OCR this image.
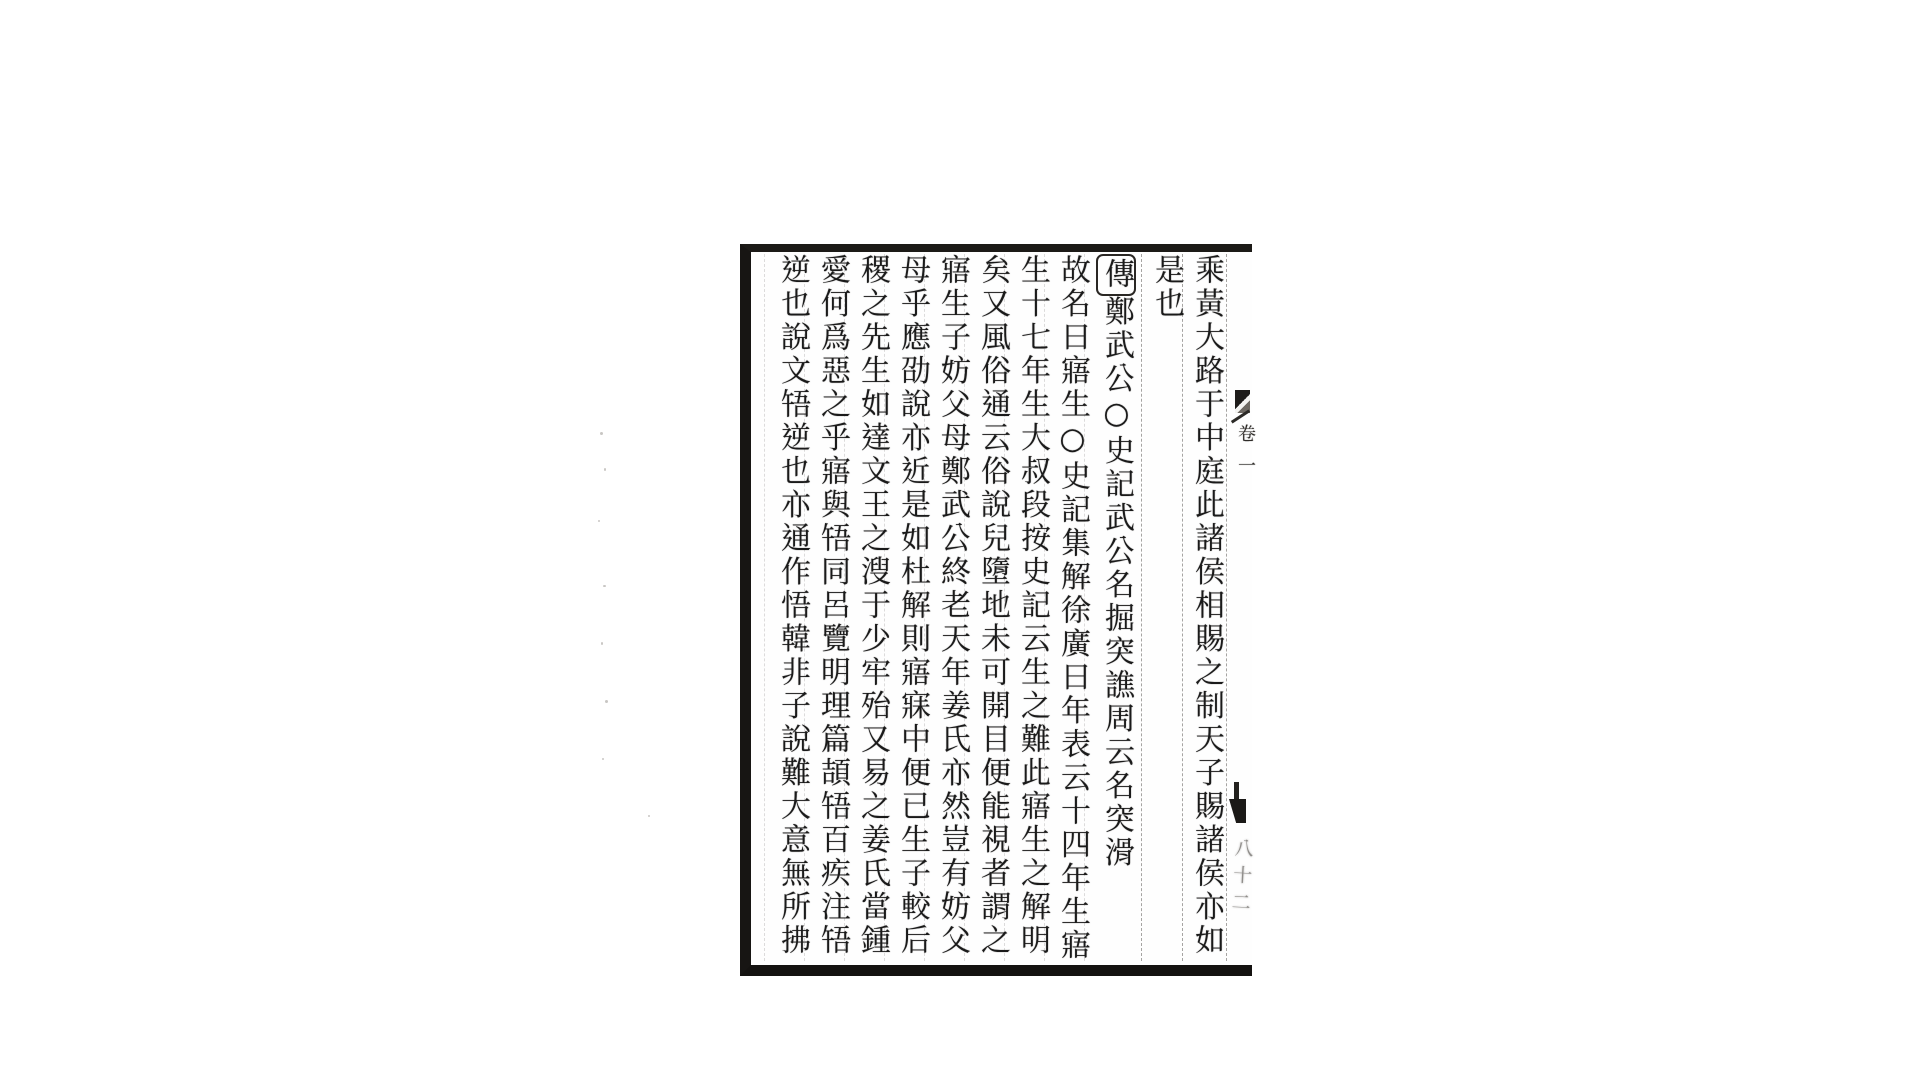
乘黃大路于中庭此諸侯相賜之制天子賜諸侯亦如

是也

傳鄭武公○史記武公名掘突譙周云名突滑

故名曰寤生○史記集解徐廣曰年表云十四年生寤

生十七年生大叔段按史記云生之難此寤生之解明

矣又風俗通云俗說兒墮地未可開目便能視者謂之

寤生子妨父母鄭武公終老天年姜氏亦然豈有妨父

母乎應劭說亦近是如杜解則寤寐中便已生子較后

稷之先生如達文王之溲于少牢殆又易之姜氏當鍾

愛何爲惡之乎寤與啎同呂覽明理篇頡啎百疾注啎

逆也說文啎逆也亦通作悟韓非子說難大意無所拂	卷一

八十二
